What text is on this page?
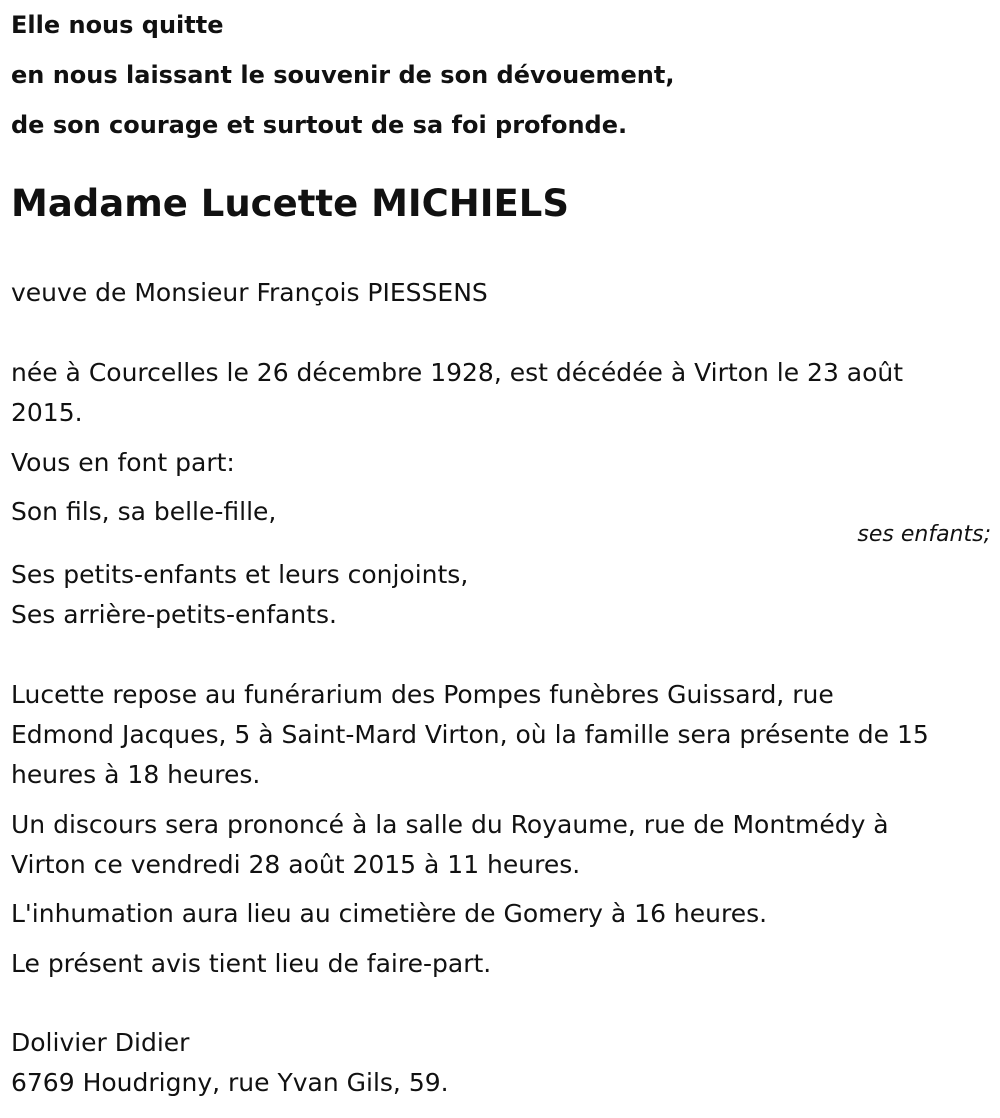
Elle nous quitte
en nous laissant le souvenir de son dévouement,
de son courage et surtout de sa foi profonde.
Madame Lucette MICHIELS
veuve de Monsieur François PIESSENS
née à Courcelles le 26 décembre 1928, est décédée à Virton le 23 août
2015.
Vous en font part:
Son fils, sa belle-fille,
ses enfants;
Ses petits-enfants et leurs conjoints,
Ses arrière-petits-enfants.
Lucette repose au funérarium des Pompes funèbres Guissard, rue
Edmond Jacques, 5 à Saint-Mard Virton, où la famille sera présente de 15
heures à 18 heures.
Un discours sera prononcé à la salle du Royaume, rue de Montmédy à
Virton ce vendredi 28 août 2015 à 11 heures.
L'inhumation aura lieu au cimetière de Gomery à 16 heures.
Le présent avis tient lieu de faire-part.
Dolivier Didier
6769 Houdrigny, rue Yvan Gils, 59.
